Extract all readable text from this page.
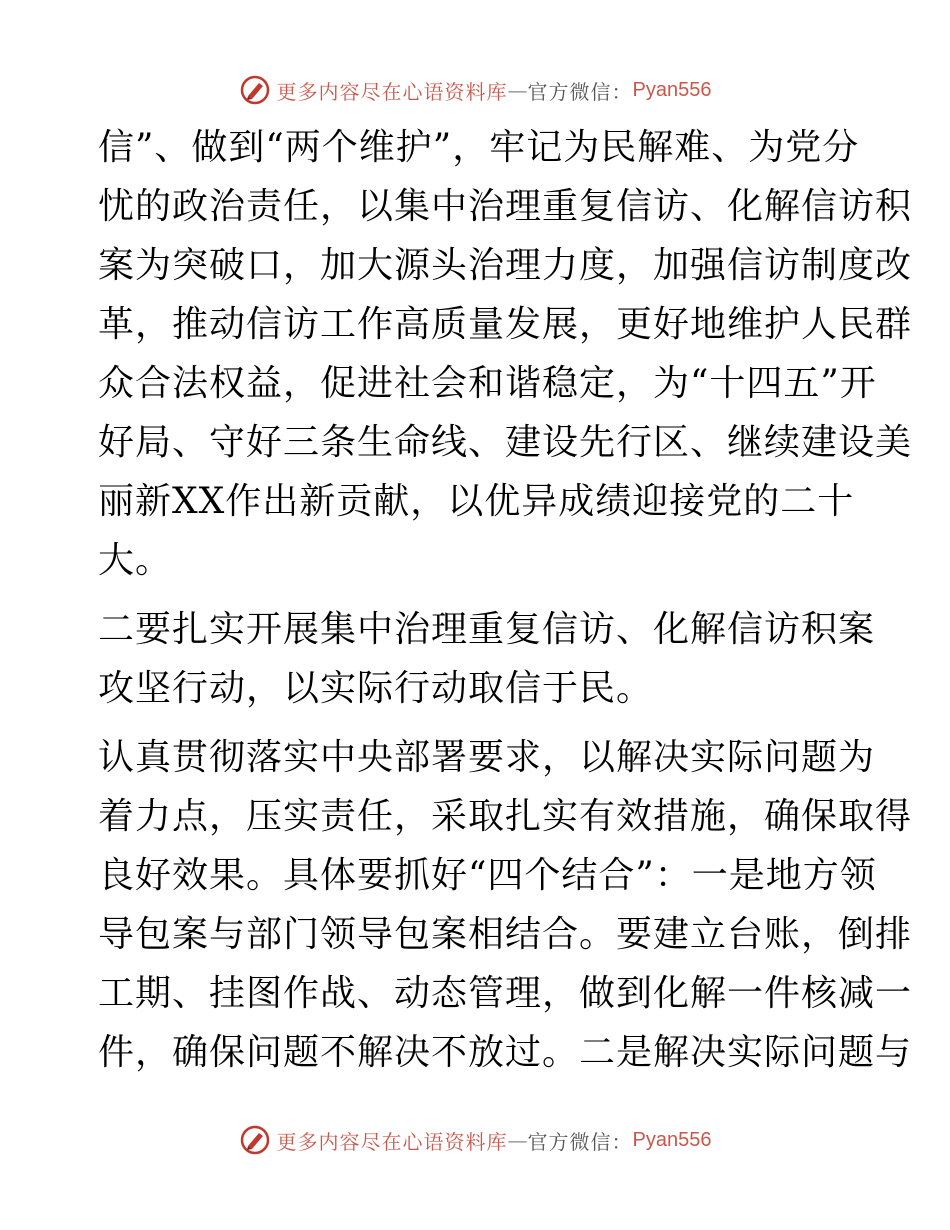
更多内容尽在心语资料库 — 官方微信： Pyan556
信”、做到“两个维护”，牢记为民解难、为党分
忧的政治责任，以集中治理重复信访、化解信访积
案为突破口，加大源头治理力度，加强信访制度改
革，推动信访工作高质量发展，更好地维护人民群
众合法权益，促进社会和谐稳定，为“十四五”开
好局、守好三条生命线、建设先行区、继续建设美
丽新XX作出新贡献，以优异成绩迎接党的二十
大。
二要扎实开展集中治理重复信访、化解信访积案
攻坚行动，以实际行动取信于民。
认真贯彻落实中央部署要求，以解决实际问题为
着力点，压实责任，采取扎实有效措施，确保取得
良好效果。具体要抓好“四个结合”：一是地方领
导包案与部门领导包案相结合。要建立台账，倒排
工期、挂图作战、动态管理，做到化解一件核减一
件，确保问题不解决不放过。二是解决实际问题与
更多内容尽在心语资料库 — 官方微信： Pyan556
